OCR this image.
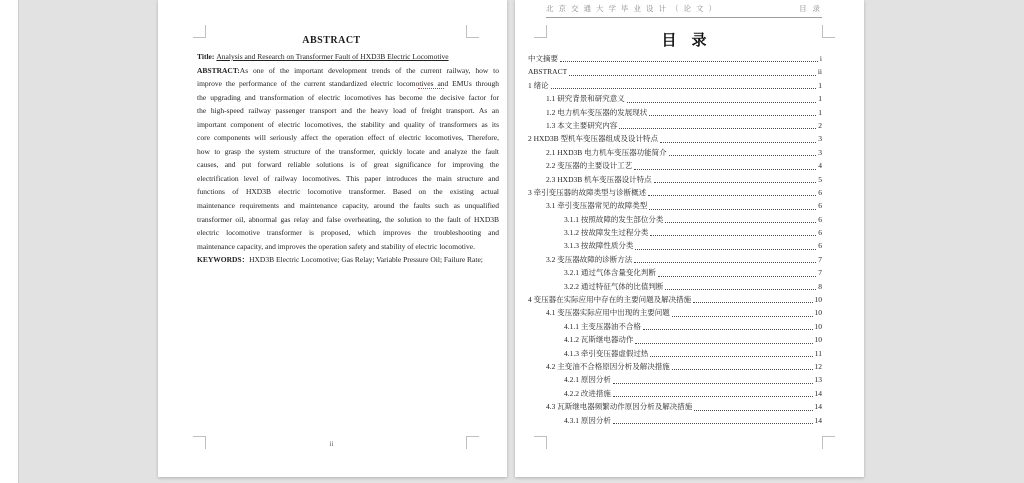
ABSTRACT
Title: Analysis and Research on Transformer Fault of HXD3B Electric Locomotive
ABSTRACT:As one of the important development trends of the current railway, how to
improve the performance of the current standardized electric locomotives and EMUs through
the upgrading and transformation of electric locomotives has become the decisive factor for
the high-speed railway passenger transport and the heavy load of freight transport. As an
important component of electric locomotives, the stability and quality of transformers as its
core components will seriously affect the operation effect of electric locomotives, Therefore,
how to grasp the system structure of the transformer, quickly locate and analyze the fault
causes, and put forward reliable solutions is of great significance for improving the
electrification level of railway locomotives. This paper introduces the main structure and
functions of HXD3B electric locomotive transformer. Based on the existing actual
maintenance requirements and maintenance capacity, around the faults such as unqualified
transformer oil, abnormal gas relay and false overheating, the solution to the fault of HXD3B
electric locomotive transformer is proposed, which improves the troubleshooting and
maintenance capacity, and improves the operation safety and stability of electric locomotive.
KEYWORDS：HXD3B Electric Locomotive; Gas Relay; Variable Pressure Oil; Failure Rate;
ii
北京交通大学毕业设计（论文）	目 录
目　录
中文摘要	i
ABSTRACT	ii
1 绪论	1
1.1 研究背景和研究意义	1
1.2 电力机车变压器的发展现状	1
1.3 本文主要研究内容	2
2 HXD3B 型机车变压器组成及设计特点	3
2.1 HXD3B 电力机车变压器功能简介	3
2.2 变压器的主要设计工艺	4
2.3 HXD3B 机车变压器设计特点	5
3 牵引变压器的故障类型与诊断概述	6
3.1 牵引变压器常见的故障类型	6
3.1.1 按照故障的发生部位分类	6
3.1.2 按故障发生过程分类	6
3.1.3 按故障性质分类	6
3.2 变压器故障的诊断方法	7
3.2.1 通过气体含量变化判断	7
3.2.2 通过特征气体的比值判断	8
4 变压器在实际应用中存在的主要问题及解决措施	10
4.1 变压器实际应用中出现的主要问题	10
4.1.1 主变压器油不合格	10
4.1.2 瓦斯继电器动作	10
4.1.3 牵引变压器虚假过热	11
4.2 主变油不合格原因分析及解决措施	12
4.2.1 原因分析	13
4.2.2 改进措施	14
4.3 瓦斯继电器频繁动作原因分析及解决措施	14
4.3.1 原因分析	14
